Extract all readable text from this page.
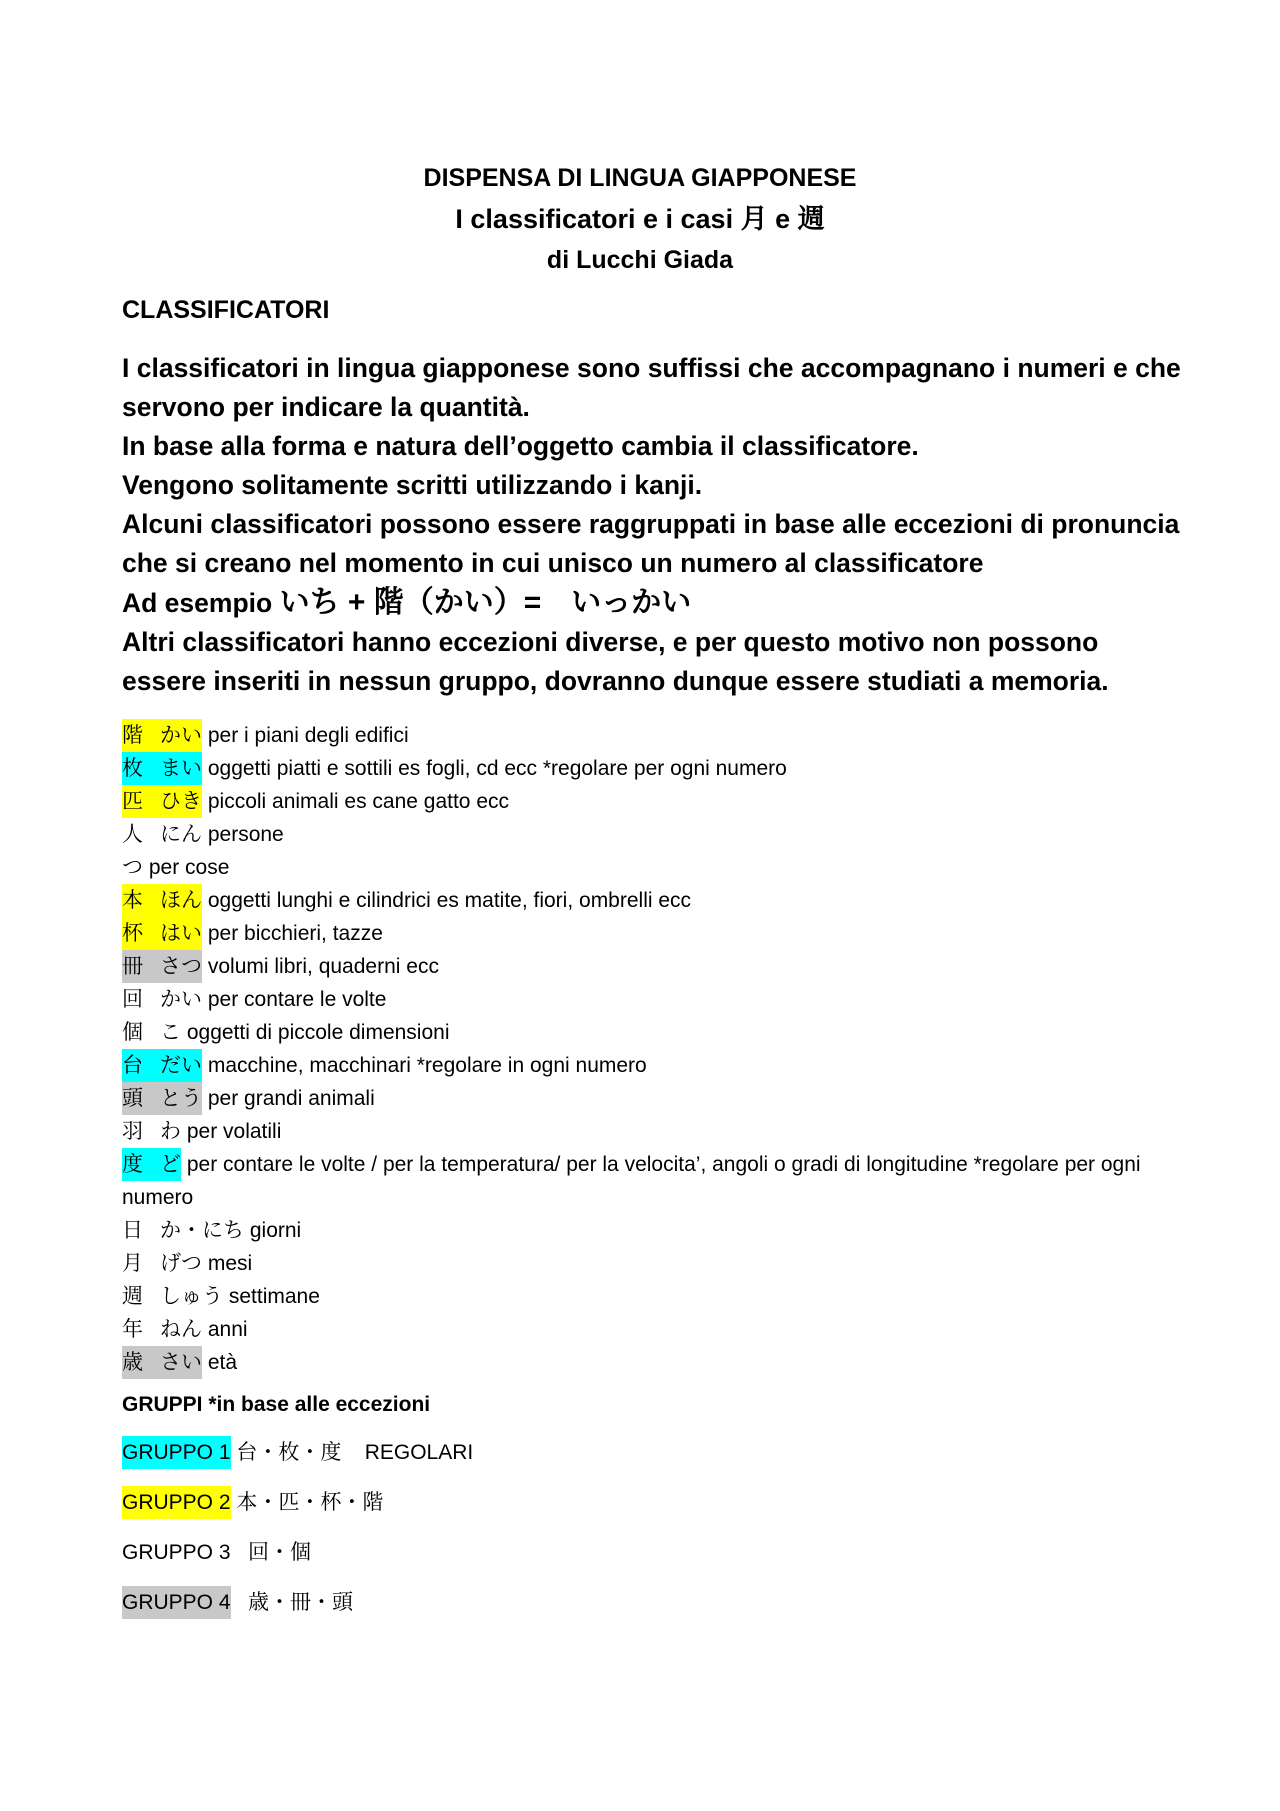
DISPENSA DI LINGUA GIAPPONESE
I classificatori e i casi 月 e 週
di Lucchi Giada
CLASSIFICATORI

I classificatori in lingua giapponese sono suffissi che accompagnano i numeri e che servono per indicare la quantità.

In base alla forma e natura dell’oggetto cambia il classificatore.

Vengono solitamente scritti utilizzando i kanji.

Alcuni classificatori possono essere raggruppati in base alle eccezioni di pronuncia che si creano nel momento in cui unisco un numero al classificatore

Ad esempio いち + 階（かい）=　いっかい

Altri classificatori hanno eccezioni diverse, e per questo motivo non possono essere inseriti in nessun gruppo, dovranno dunque essere studiati a memoria.

階 かい per i piani degli edifici
枚 まい oggetti piatti e sottili es fogli, cd ecc *regolare per ogni numero
匹 ひき piccoli animali es cane gatto ecc
人 にん persone
つ per cose
本 ほん oggetti lunghi e cilindrici es matite, fiori, ombrelli ecc
杯 はい per bicchieri, tazze
冊 さつ volumi libri, quaderni ecc
回 かい per contare le volte
個 こ oggetti di piccole dimensioni
台 だい macchine, macchinari *regolare in ogni numero
頭 とう per grandi animali
羽 わ per volatili
度 ど per contare le volte / per la temperatura/ per la velocita’, angoli o gradi di longitudine *regolare per ogni numero
日 か・にち giorni
月 げつ mesi
週 しゅう settimane
年 ねん anni
歳 さい età
GRUPPI *in base alle eccezioni
GRUPPO 1 台・枚・度 REGOLARI
GRUPPO 2 本・匹・杯・階
GRUPPO 3 回・個
GRUPPO 4 歳・冊・頭
